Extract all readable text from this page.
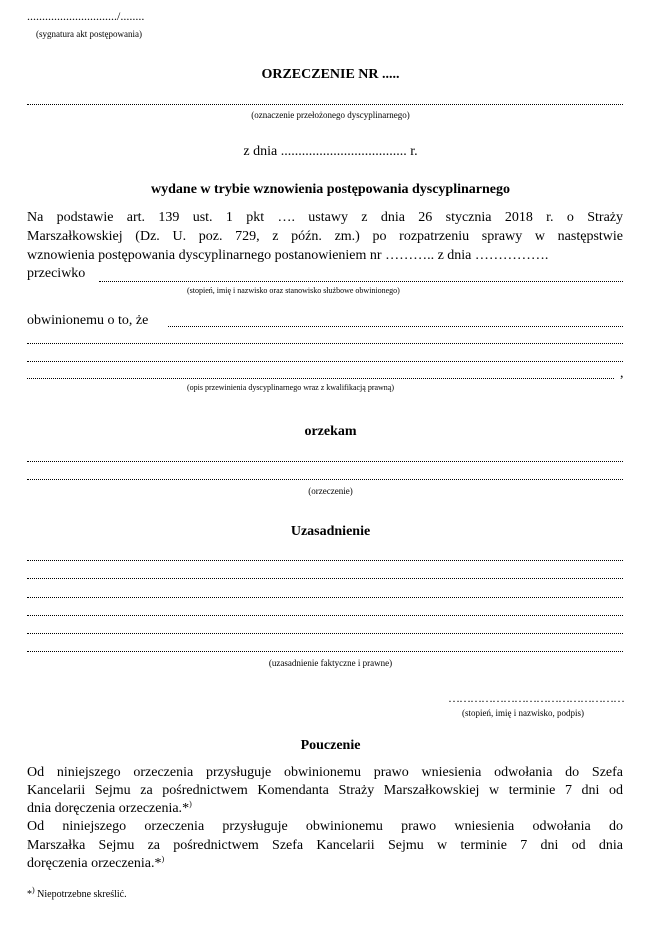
............................../........
(sygnatura akt postępowania)
ORZECZENIE NR .....
(oznaczenie przełożonego dyscyplinarnego)
z dnia .................................... r.
wydane w trybie wznowienia postępowania dyscyplinarnego
Na podstawie art. 139 ust. 1 pkt …. ustawy z dnia 26 stycznia 2018 r. o Straży
Marszałkowskiej (Dz. U. poz. 729, z późn. zm.) po rozpatrzeniu sprawy w następstwie
wznowienia postępowania dyscyplinarnego postanowieniem nr ……….. z dnia …………….
przeciwko
(stopień, imię i nazwisko oraz stanowisko służbowe obwinionego)
obwinionemu o to, że
,
(opis przewinienia dyscyplinarnego wraz z kwalifikacją prawną)
orzekam
(orzeczenie)
Uzasadnienie
(uzasadnienie faktyczne i prawne)
…………………………………………
(stopień, imię i nazwisko, podpis)
Pouczenie
Od niniejszego orzeczenia przysługuje obwinionemu prawo wniesienia odwołania do Szefa
Kancelarii Sejmu za pośrednictwem Komendanta Straży Marszałkowskiej w terminie 7 dni od
dnia doręczenia orzeczenia.*)
Od niniejszego orzeczenia przysługuje obwinionemu prawo wniesienia odwołania do
Marszałka Sejmu za pośrednictwem Szefa Kancelarii Sejmu w terminie 7 dni od dnia
doręczenia orzeczenia.*)
*) Niepotrzebne skreślić.
